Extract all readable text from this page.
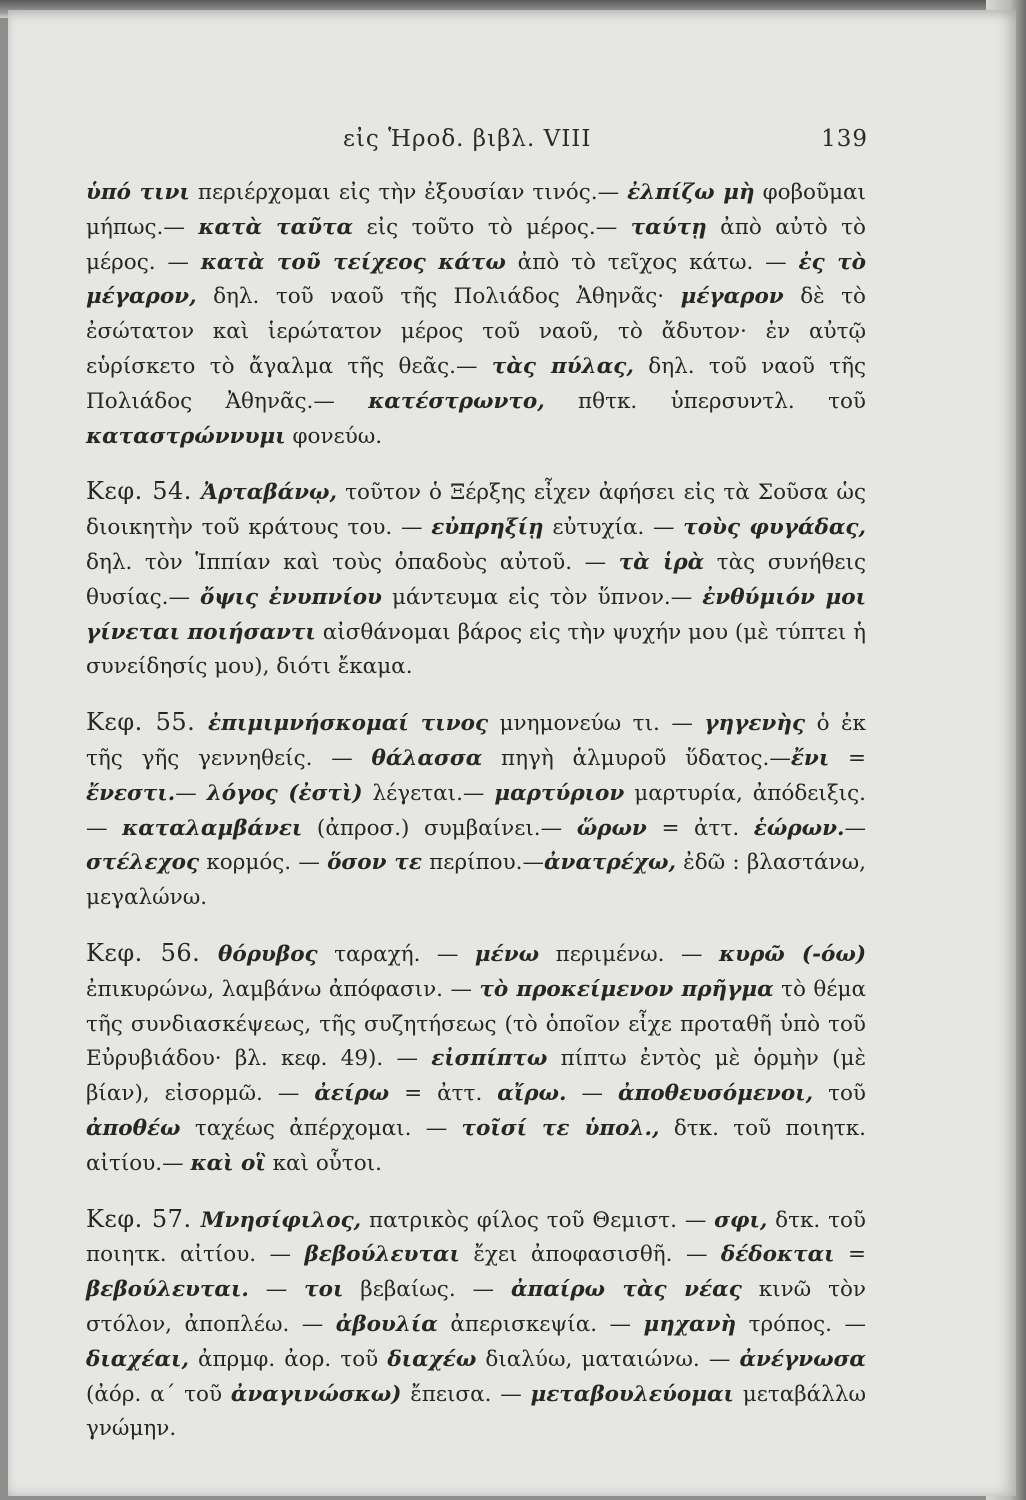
εἰς Ἡροδ. βιβλ. VIII	139

ὑπό τινι περιέρχομαι εἰς τὴν ἐξουσίαν τινός.— ἐλπίζω μὴ φοβοῦμαι μήπως.— κατὰ ταῦτα εἰς τοῦτο τὸ μέρος.— ταύτῃ ἀπὸ αὐτὸ τὸ μέρος. — κατὰ τοῦ τείχεος κάτω ἀπὸ τὸ τεῖχος κάτω. — ἐς τὸ μέγαρον, δηλ. τοῦ ναοῦ τῆς Πολιάδος Ἀθηνᾶς· μέγαρον δὲ τὸ ἐσώτατον καὶ ἱερώτατον μέρος τοῦ ναοῦ, τὸ ἄδυτον· ἐν αὐτῷ εὑρίσκετο τὸ ἄγαλμα τῆς θεᾶς.— τὰς πύλας, δηλ. τοῦ ναοῦ τῆς Πολιάδος Ἀθηνᾶς.— κατέστρωντο, πθτκ. ὑπερσυντλ. τοῦ καταστρώννυμι φονεύω.

Κεφ. 54. Ἀρταβάνῳ, τοῦτον ὁ Ξέρξης εἶχεν ἀφήσει εἰς τὰ Σοῦσα ὡς διοικητὴν τοῦ κράτους του. — εὐπρηξίῃ εὐτυχία. — τοὺς φυγάδας, δηλ. τὸν Ἱππίαν καὶ τοὺς ὀπαδοὺς αὐτοῦ. — τὰ ἱρὰ τὰς συνήθεις θυσίας.— ὄψις ἐνυπνίου μάντευμα εἰς τὸν ὕπνον.— ἐνθύμιόν μοι γίνεται ποιήσαντι αἰσθάνομαι βάρος εἰς τὴν ψυχήν μου (μὲ τύπτει ἡ συνείδησίς μου), διότι ἔκαμα.

Κεφ. 55. ἐπιμιμνήσκομαί τινος μνημονεύω τι. — γηγενὴς ὁ ἐκ τῆς γῆς γεννηθείς. — θάλασσα πηγὴ ἁλμυροῦ ὕδατος.—ἔνι = ἔνεστι.— λόγος (ἐστὶ) λέγεται.— μαρτύριον μαρτυρία, ἀπόδειξις.— καταλαμβάνει (ἀπροσ.) συμβαίνει.— ὥρων = ἀττ. ἑώρων.— στέλεχος κορμός. — ὅσον τε περίπου.—ἀνατρέχω, ἐδῶ : βλαστάνω, μεγαλώνω.

Κεφ. 56. θόρυβος ταραχή. — μένω περιμένω. — κυρῶ (-όω) ἐπικυρώνω, λαμβάνω ἀπόφασιν. — τὸ προκείμενον πρῆγμα τὸ θέμα τῆς συνδιασκέψεως, τῆς συζητήσεως (τὸ ὁποῖον εἶχε προταθῆ ὑπὸ τοῦ Εὐρυβιάδου· βλ. κεφ. 49). — εἰσπίπτω πίπτω ἐντὸς μὲ ὁρμὴν (μὲ βίαν), εἰσορμῶ. — ἀείρω = ἀττ. αἴρω. — ἀποθευσόμενοι, τοῦ ἀποθέω ταχέως ἀπέρχομαι. — τοῖσί τε ὑπολ., δτκ. τοῦ ποιητκ. αἰτίου.— καὶ οἳ καὶ οὗτοι.

Κεφ. 57. Μνησίφιλος, πατρικὸς φίλος τοῦ Θεμιστ. — σφι, δτκ. τοῦ ποιητκ. αἰτίου. — βεβούλευται ἔχει ἀποφασισθῆ. — δέδοκται = βεβούλευται. — τοι βεβαίως. — ἀπαίρω τὰς νέας κινῶ τὸν στόλον, ἀποπλέω. — ἀβουλία ἀπερισκεψία. — μηχανὴ τρόπος. — διαχέαι, ἀπρμφ. ἀορ. τοῦ διαχέω διαλύω, ματαιώνω. — ἀνέγνωσα (ἀόρ. α΄ τοῦ ἀναγινώσκω) ἔπεισα. — μεταβουλεύομαι μεταβάλλω γνώμην.
